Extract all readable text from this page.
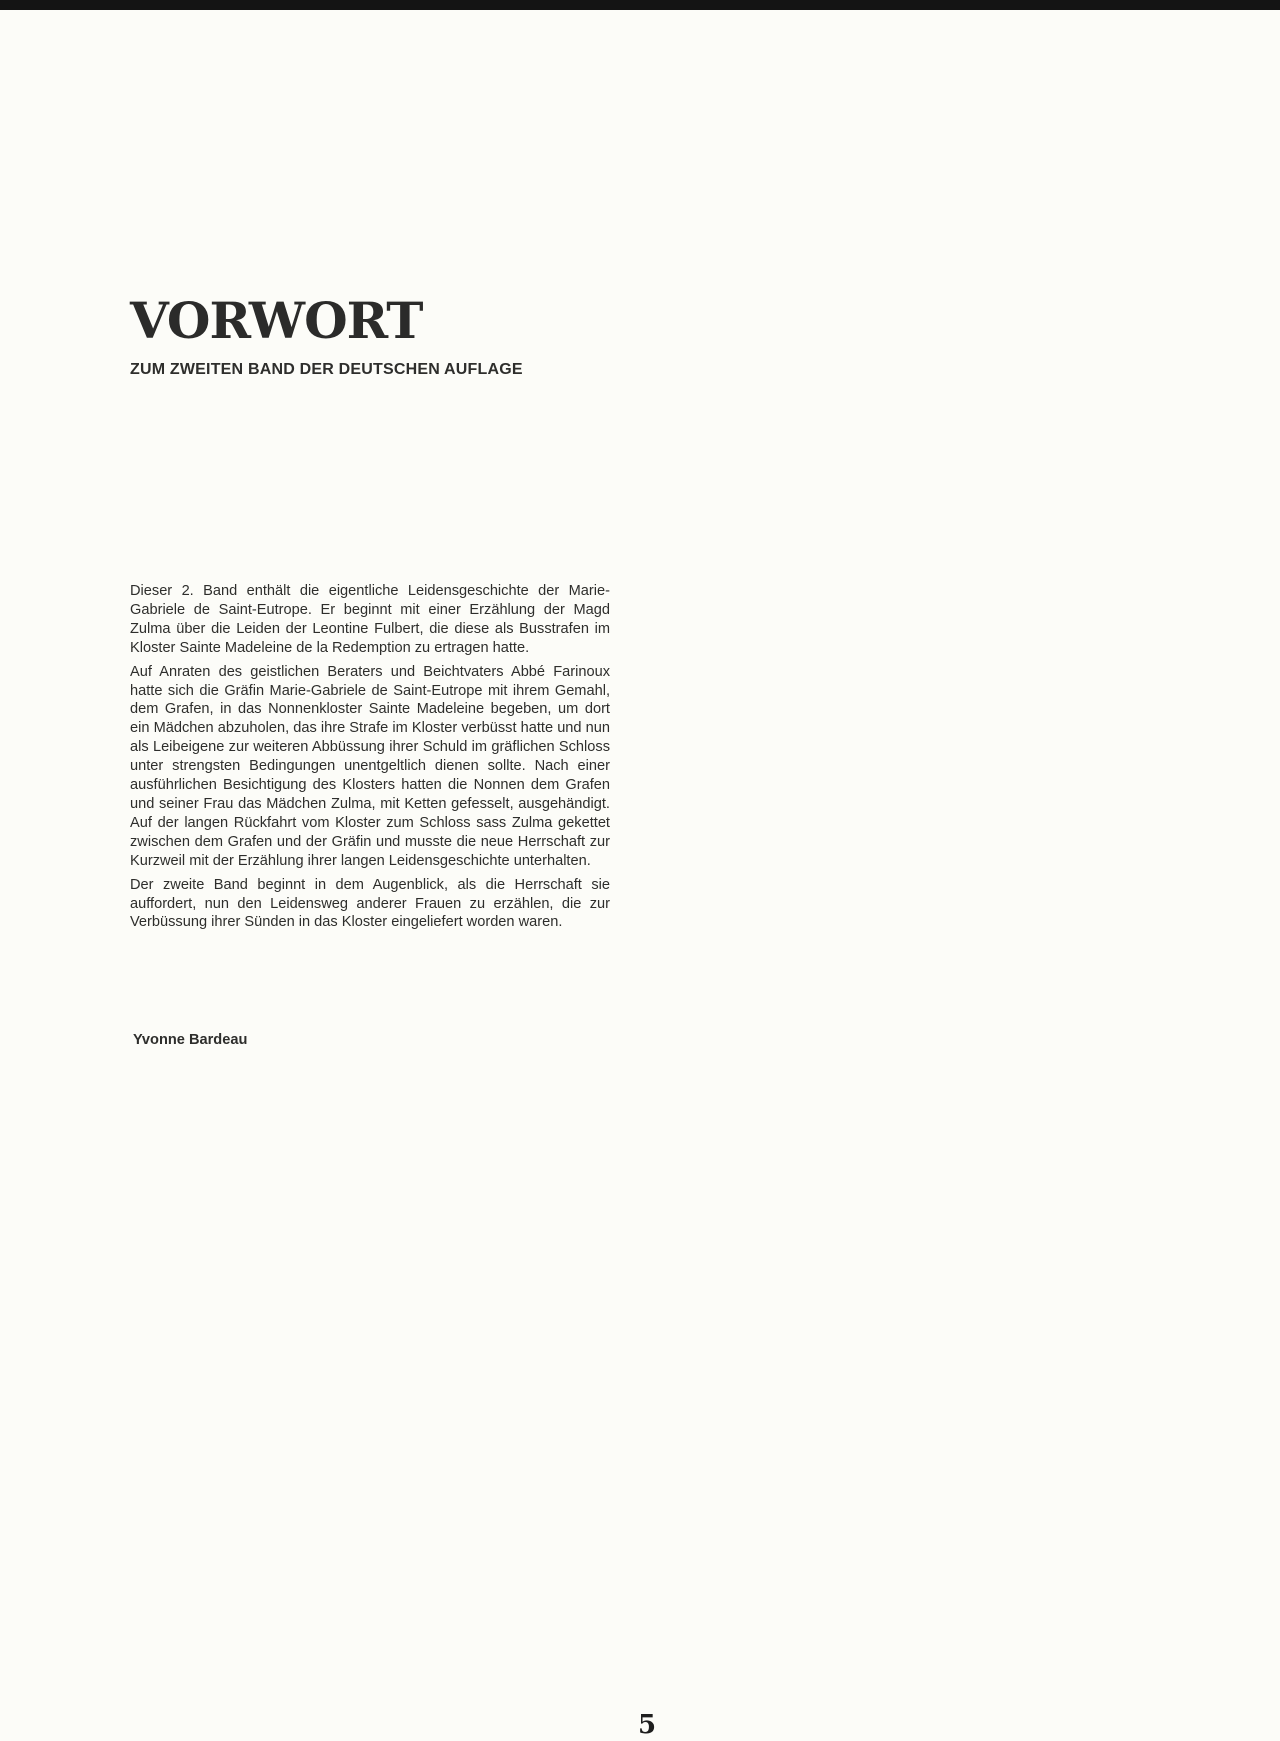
VORWORT
ZUM ZWEITEN BAND DER DEUTSCHEN AUFLAGE

Dieser 2. Band enthält die eigentliche Leidensgeschichte der Marie-Gabriele de Saint-Eutrope. Er beginnt mit einer Erzählung der Magd Zulma über die Leiden der Leontine Fulbert, die diese als Busstrafen im Kloster Sainte Madeleine de la Redemption zu ertragen hatte.

Auf Anraten des geistlichen Beraters und Beichtvaters Abbé Farinoux hatte sich die Gräfin Marie-Gabriele de Saint-Eutrope mit ihrem Gemahl, dem Grafen, in das Nonnenkloster Sainte Madeleine begeben, um dort ein Mädchen abzuholen, das ihre Strafe im Kloster verbüsst hatte und nun als Leibeigene zur weiteren Abbüssung ihrer Schuld im gräflichen Schloss unter strengsten Bedingungen unentgeltlich dienen sollte. Nach einer ausführlichen Besichtigung des Klosters hatten die Nonnen dem Grafen und seiner Frau das Mädchen Zulma, mit Ketten gefesselt, ausgehändigt. Auf der langen Rückfahrt vom Kloster zum Schloss sass Zulma gekettet zwischen dem Grafen und der Gräfin und musste die neue Herrschaft zur Kurzweil mit der Erzählung ihrer langen Leidensgeschichte unterhalten.

Der zweite Band beginnt in dem Augenblick, als die Herrschaft sie auffordert, nun den Leidensweg anderer Frauen zu erzählen, die zur Verbüssung ihrer Sünden in das Kloster eingeliefert worden waren.

Yvonne Bardeau

5
